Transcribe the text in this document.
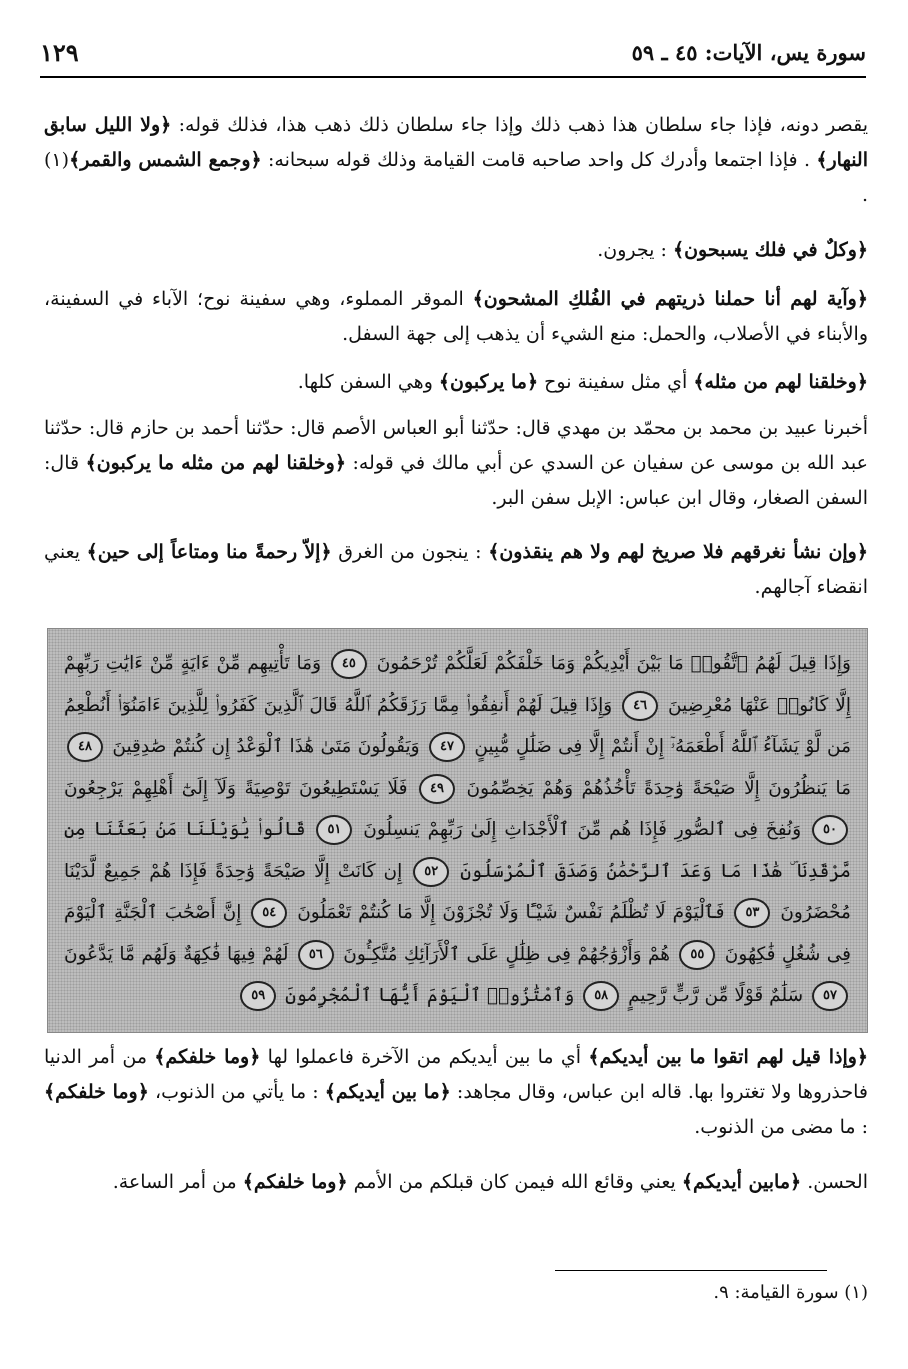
سورة يس، الآيات: ٤٥ ـ ٥٩
١٢٩
يقصر دونه، فإذا جاء سلطان هذا ذهب ذلك وإذا جاء سلطان ذلك ذهب هذا، فذلك قوله: ﴿ولا الليل سابق النهار﴾ . فإذا اجتمعا وأدرك كل واحد صاحبه قامت القيامة وذلك قوله سبحانه: ﴿وجمع الشمس والقمر﴾(١) .
﴿وكلٌ في فلك يسبحون﴾ : يجرون.
﴿وآية لهم أنا حملنا ذريتهم في الفُلكِ المشحون﴾ الموقر المملوء، وهي سفينة نوح؛ الآباء في السفينة، والأبناء في الأصلاب، والحمل: منع الشيء أن يذهب إلى جهة السفل.
﴿وخلقنا لهم من مثله﴾ أي مثل سفينة نوح ﴿ما يركبون﴾ وهي السفن كلها.
أخبرنا عبيد بن محمد بن محمّد بن مهدي قال: حدّثنا أبو العباس الأصم قال: حدّثنا أحمد بن حازم قال: حدّثنا عبد الله بن موسى عن سفيان عن السدي عن أبي مالك في قوله: ﴿وخلقنا لهم من مثله ما يركبون﴾ قال: السفن الصغار، وقال ابن عباس: الإبل سفن البر.
﴿وإن نشأ نغرقهم فلا صريخ لهم ولا هم ينقذون﴾ : ينجون من الغرق ﴿إلاّ رحمةً منا ومتاعاً إلى حين﴾ يعني انقضاء آجالهم.
وَإِذَا قِيلَ لَهُمُ ٱتَّقُوا۟ مَا بَيْنَ أَيْدِيكُمْ وَمَا خَلْفَكُمْ لَعَلَّكُمْ تُرْحَمُونَ ٤٥ وَمَا تَأْتِيهِم مِّنْ ءَايَةٍ مِّنْ ءَايَٰتِ رَبِّهِمْ إِلَّا كَانُوا۟ عَنْهَا مُعْرِضِينَ ٤٦ وَإِذَا قِيلَ لَهُمْ أَنفِقُوا۟ مِمَّا رَزَقَكُمُ ٱللَّهُ قَالَ ٱلَّذِينَ كَفَرُوا۟ لِلَّذِينَ ءَامَنُوٓا۟ أَنُطْعِمُ مَن لَّوْ يَشَآءُ ٱللَّهُ أَطْعَمَهُۥٓ إِنْ أَنتُمْ إِلَّا فِى ضَلَٰلٍ مُّبِينٍ ٤٧ وَيَقُولُونَ مَتَىٰ هَٰذَا ٱلْوَعْدُ إِن كُنتُمْ صَٰدِقِينَ ٤٨ مَا يَنظُرُونَ إِلَّا صَيْحَةً وَٰحِدَةً تَأْخُذُهُمْ وَهُمْ يَخِصِّمُونَ ٤٩ فَلَا يَسْتَطِيعُونَ تَوْصِيَةً وَلَآ إِلَىٰٓ أَهْلِهِمْ يَرْجِعُونَ ٥٠ وَنُفِخَ فِى ٱلصُّورِ فَإِذَا هُم مِّنَ ٱلْأَجْدَاثِ إِلَىٰ رَبِّهِمْ يَنسِلُونَ ٥١ قَالُوا۟ يَٰوَيْلَنَا مَنۢ بَعَثَنَا مِن مَّرْقَدِنَا ۜ هَٰذَا مَا وَعَدَ ٱلرَّحْمَٰنُ وَصَدَقَ ٱلْمُرْسَلُونَ ٥٢ إِن كَانَتْ إِلَّا صَيْحَةً وَٰحِدَةً فَإِذَا هُمْ جَمِيعٌ لَّدَيْنَا مُحْضَرُونَ ٥٣ فَٱلْيَوْمَ لَا تُظْلَمُ نَفْسٌ شَيْـًٔا وَلَا تُجْزَوْنَ إِلَّا مَا كُنتُمْ تَعْمَلُونَ ٥٤ إِنَّ أَصْحَٰبَ ٱلْجَنَّةِ ٱلْيَوْمَ فِى شُغُلٍ فَٰكِهُونَ ٥٥ هُمْ وَأَزْوَٰجُهُمْ فِى ظِلَٰلٍ عَلَى ٱلْأَرَآئِكِ مُتَّكِـُٔونَ ٥٦ لَهُمْ فِيهَا فَٰكِهَةٌ وَلَهُم مَّا يَدَّعُونَ ٥٧ سَلَٰمٌ قَوْلًا مِّن رَّبٍّ رَّحِيمٍ ٥٨ وَٱمْتَٰزُوا۟ ٱلْيَوْمَ أَيُّهَا ٱلْمُجْرِمُونَ ٥٩
﴿وإذا قيل لهم اتقوا ما بين أيديكم﴾ أي ما بين أيديكم من الآخرة فاعملوا لها ﴿وما خلفكم﴾ من أمر الدنيا فاحذروها ولا تغتروا بها. قاله ابن عباس، وقال مجاهد: ﴿ما بين أيديكم﴾ : ما يأتي من الذنوب، ﴿وما خلفكم﴾ : ما مضى من الذنوب.
الحسن. ﴿مابين أيديكم﴾ يعني وقائع الله فيمن كان قبلكم من الأمم ﴿وما خلفكم﴾ من أمر الساعة.
(١) سورة القيامة: ٩.
